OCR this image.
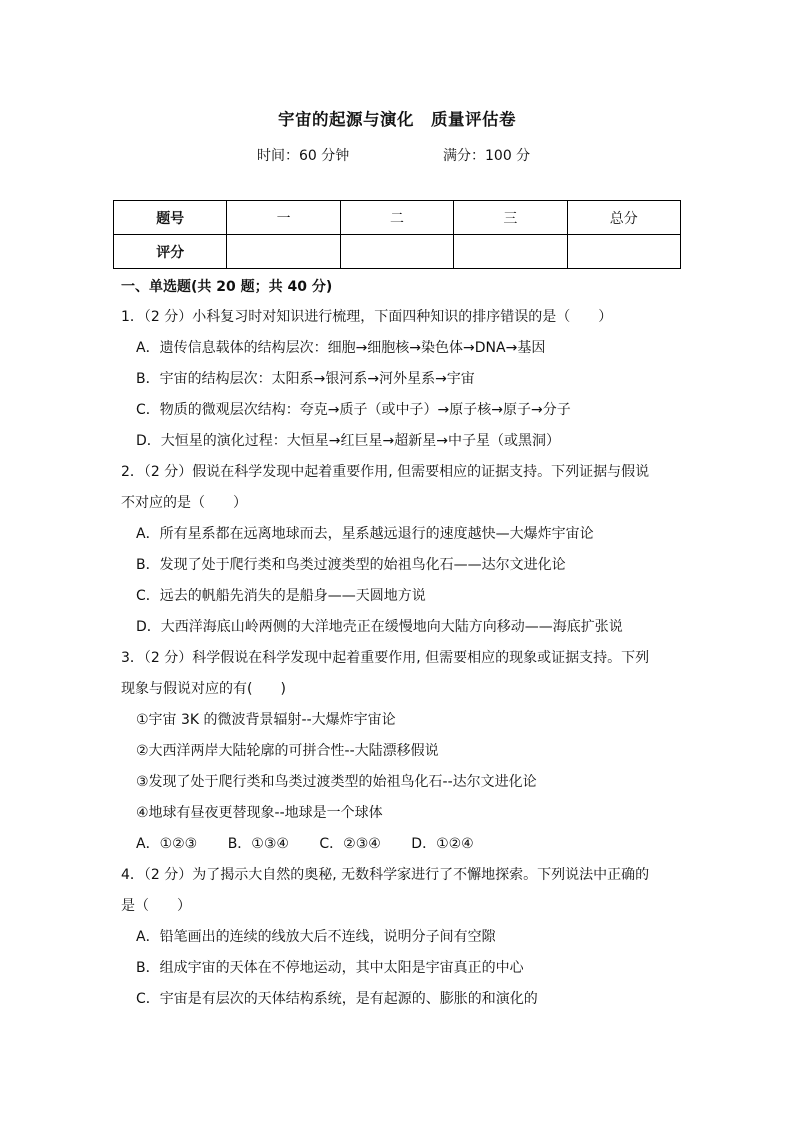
宇宙的起源与演化　质量评估卷
时间：60 分钟	满分：100 分
题号	一	二	三	总分
评分				
一、单选题(共 20 题；共 40 分)
1．（2 分）小科复习时对知识进行梳理，下面四种知识的排序错误的是（　　）
A．遗传信息载体的结构层次：细胞→细胞核→染色体→DNA→基因
B．宇宙的结构层次：太阳系→银河系→河外星系→宇宙
C．物质的微观层次结构：夸克→质子（或中子）→原子核→原子→分子
D．大恒星的演化过程：大恒星→红巨星→超新星→中子星（或黑洞）
2．（2 分）假说在科学发现中起着重要作用, 但需要相应的证据支持。下列证据与假说
不对应的是（　　）
A．所有星系都在远离地球而去，星系越远退行的速度越快—大爆炸宇宙论
B．发现了处于爬行类和鸟类过渡类型的始祖鸟化石——达尔文进化论
C．远去的帆船先消失的是船身——天圆地方说
D．大西洋海底山岭两侧的大洋地壳正在缓慢地向大陆方向移动——海底扩张说
3．（2 分）科学假说在科学发现中起着重要作用, 但需要相应的现象或证据支持。下列
现象与假说对应的有(　　)
①宇宙 3K 的微波背景辐射--大爆炸宇宙论
②大西洋两岸大陆轮廓的可拼合性--大陆漂移假说
③发现了处于爬行类和鸟类过渡类型的始祖鸟化石--达尔文进化论
④地球有昼夜更替现象--地球是一个球体
A．①②③ B．①③④ C．②③④ D．①②④
4．（2 分）为了揭示大自然的奥秘, 无数科学家进行了不懈地探索。下列说法中正确的
是（　　）
A．铅笔画出的连续的线放大后不连线，说明分子间有空隙
B．组成宇宙的天体在不停地运动，其中太阳是宇宙真正的中心
C．宇宙是有层次的天体结构系统，是有起源的、膨胀的和演化的
